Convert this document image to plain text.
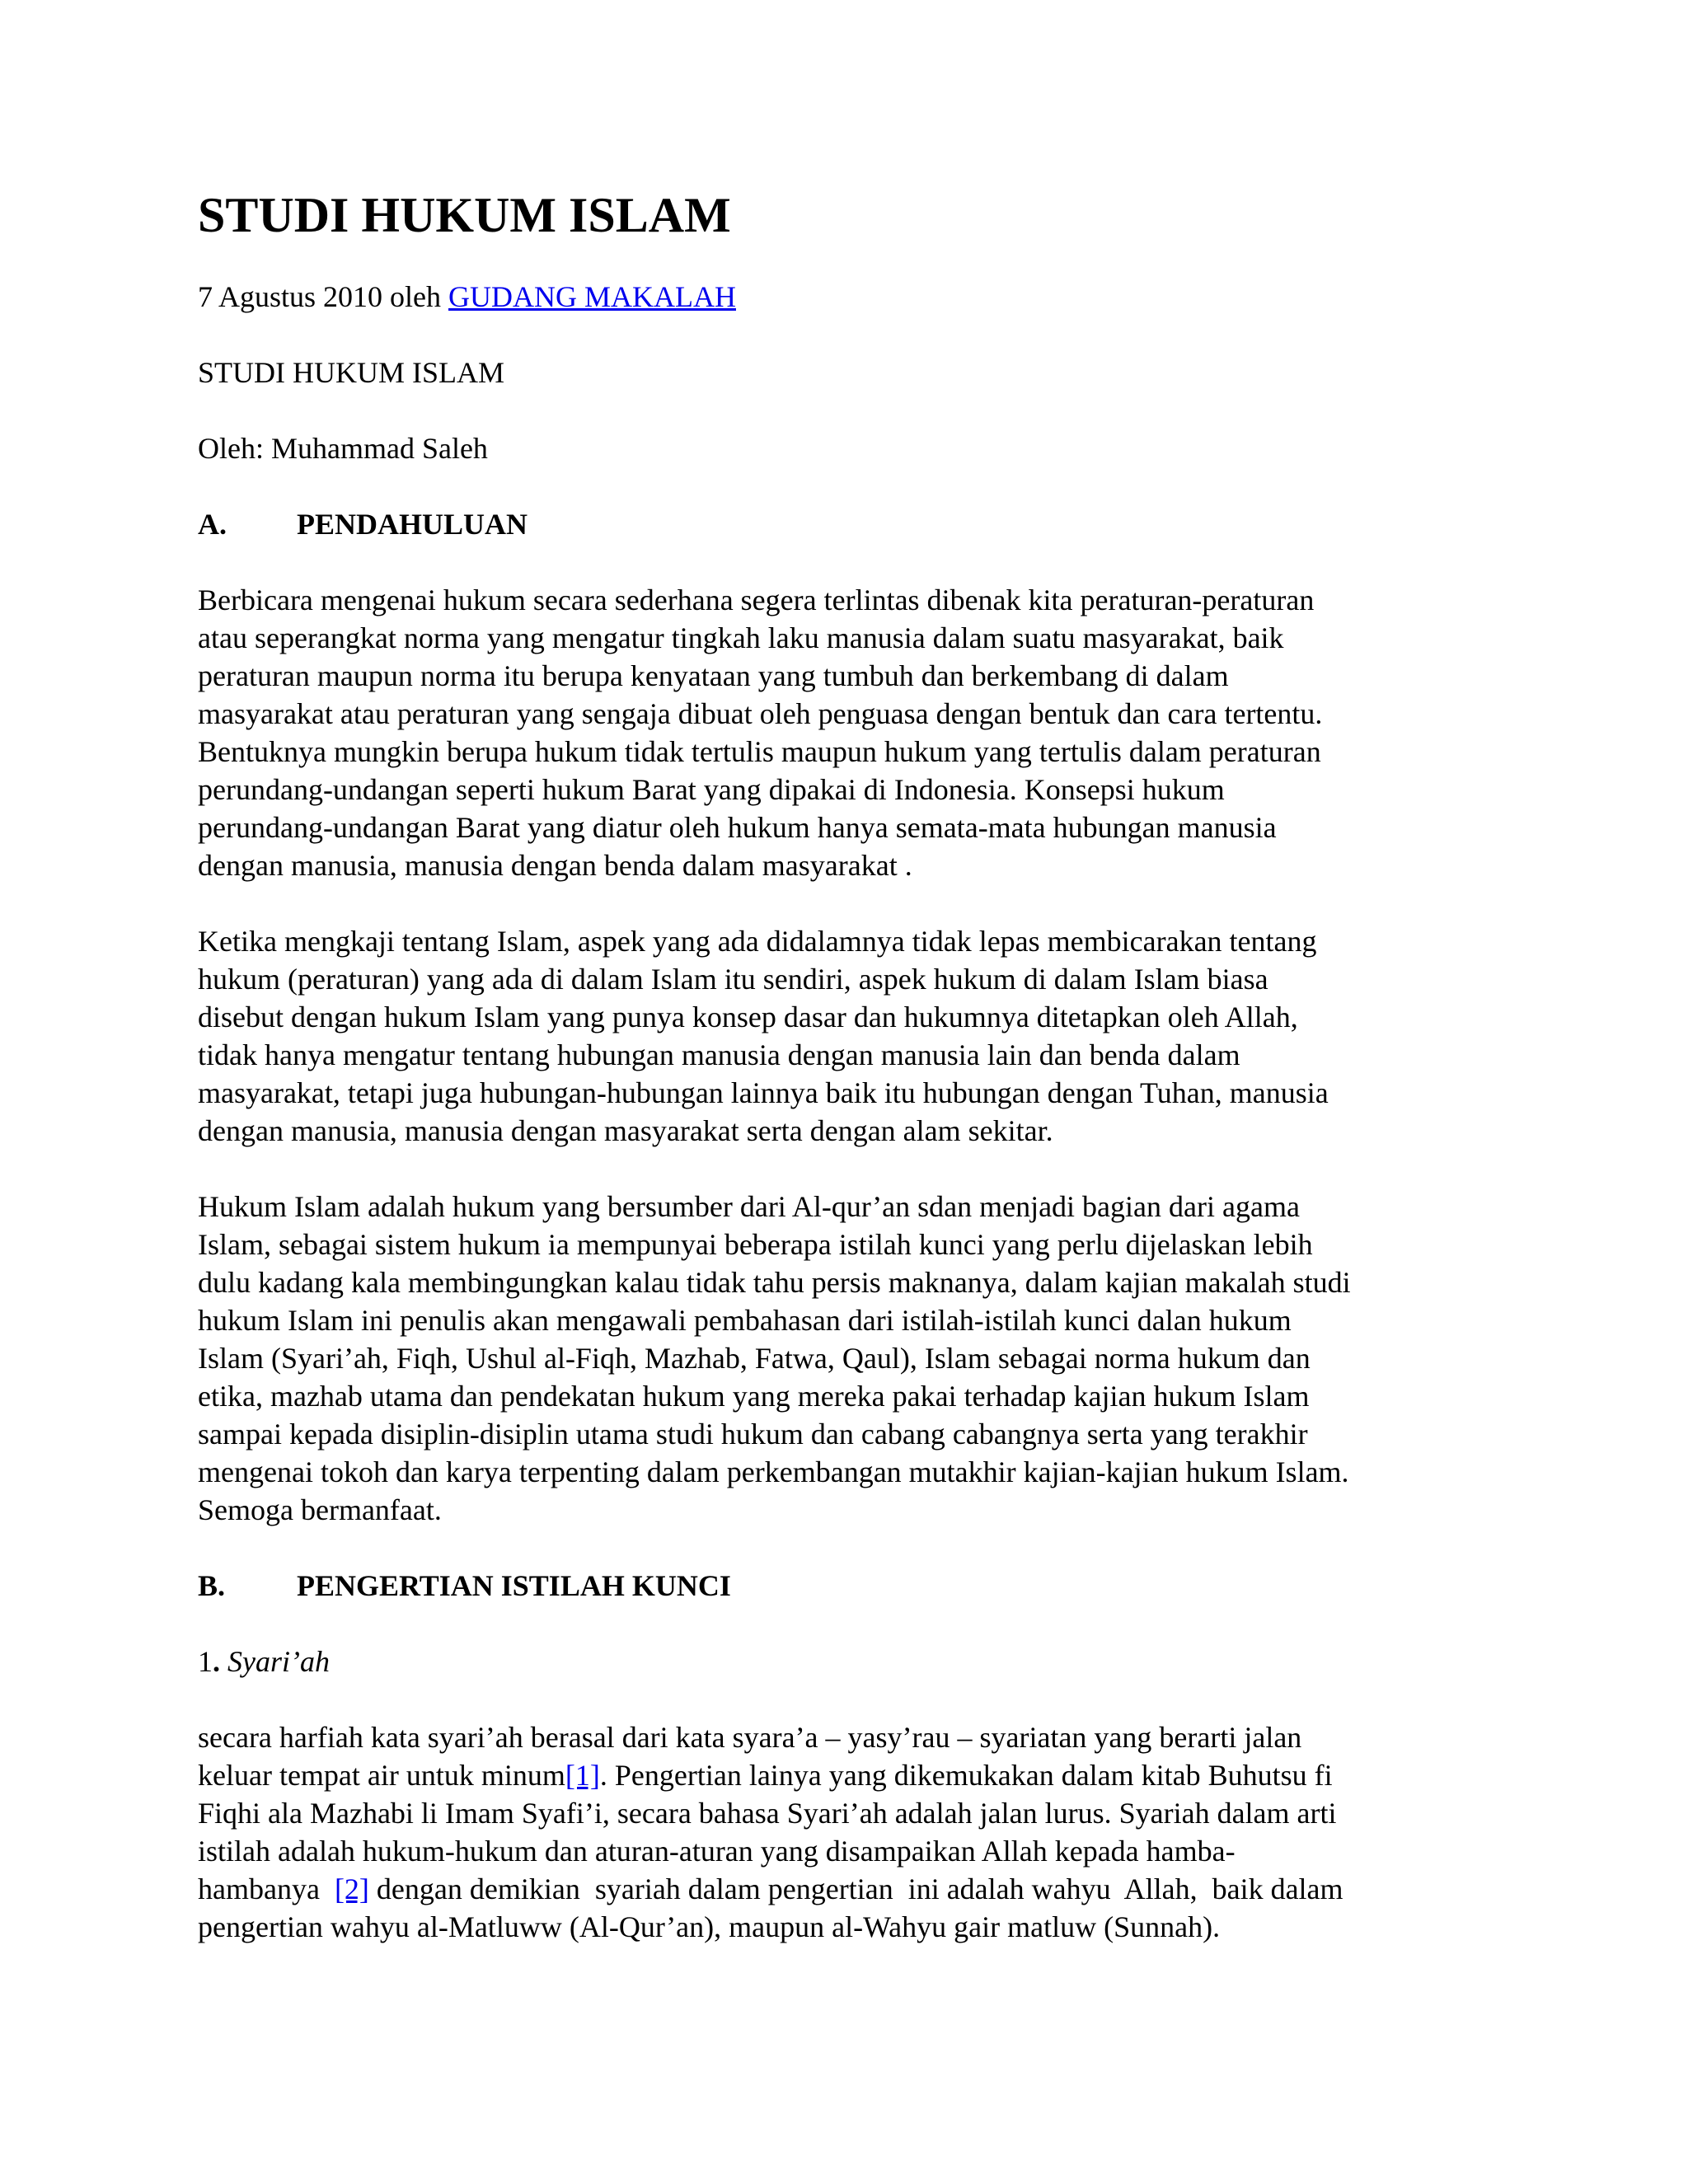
STUDI HUKUM ISLAM
7 Agustus 2010 oleh GUDANG MAKALAH
STUDI HUKUM ISLAM
Oleh: Muhammad Saleh
A.	PENDAHULUAN
Berbicara mengenai hukum secara sederhana segera terlintas dibenak kita peraturan-peraturan
atau seperangkat norma yang mengatur tingkah laku manusia dalam suatu masyarakat, baik
peraturan maupun norma itu berupa kenyataan yang tumbuh dan berkembang di dalam
masyarakat atau peraturan yang sengaja dibuat oleh penguasa dengan bentuk dan cara tertentu.
Bentuknya mungkin berupa hukum tidak tertulis maupun hukum yang tertulis dalam peraturan
perundang-undangan seperti hukum Barat yang dipakai di Indonesia. Konsepsi hukum
perundang-undangan Barat yang diatur oleh hukum hanya semata-mata hubungan manusia
dengan manusia, manusia dengan benda dalam masyarakat .
Ketika mengkaji tentang Islam, aspek yang ada didalamnya tidak lepas membicarakan tentang
hukum (peraturan) yang ada di dalam Islam itu sendiri, aspek hukum di dalam Islam biasa
disebut dengan hukum Islam yang punya konsep dasar dan hukumnya ditetapkan oleh Allah,
tidak hanya mengatur tentang hubungan manusia dengan manusia lain dan benda dalam
masyarakat, tetapi juga hubungan-hubungan lainnya baik itu hubungan dengan Tuhan, manusia
dengan manusia, manusia dengan masyarakat serta dengan alam sekitar.
Hukum Islam adalah hukum yang bersumber dari Al-qur’an sdan menjadi bagian dari agama
Islam, sebagai sistem hukum ia mempunyai beberapa istilah kunci yang perlu dijelaskan lebih
dulu kadang kala membingungkan kalau tidak tahu persis maknanya, dalam kajian makalah studi
hukum Islam ini penulis akan mengawali pembahasan dari istilah-istilah kunci dalan hukum
Islam (Syari’ah, Fiqh, Ushul al-Fiqh, Mazhab, Fatwa, Qaul), Islam sebagai norma hukum dan
etika, mazhab utama dan pendekatan hukum yang mereka pakai terhadap kajian hukum Islam
sampai kepada disiplin-disiplin utama studi hukum dan cabang cabangnya serta yang terakhir
mengenai tokoh dan karya terpenting dalam perkembangan mutakhir kajian-kajian hukum Islam.
Semoga bermanfaat.
B.	PENGERTIAN ISTILAH KUNCI
1. Syari’ah
secara harfiah kata syari’ah berasal dari kata syara’a – yasy’rau – syariatan yang berarti jalan
keluar tempat air untuk minum[1]. Pengertian lainya yang dikemukakan dalam kitab Buhutsu fi
Fiqhi ala Mazhabi li Imam Syafi’i, secara bahasa Syari’ah adalah jalan lurus. Syariah dalam arti
istilah adalah hukum-hukum dan aturan-aturan yang disampaikan Allah kepada hamba-
hambanya  [2] dengan demikian  syariah dalam pengertian  ini adalah wahyu  Allah,  baik dalam
pengertian wahyu al-Matluww (Al-Qur’an), maupun al-Wahyu gair matluw (Sunnah).
